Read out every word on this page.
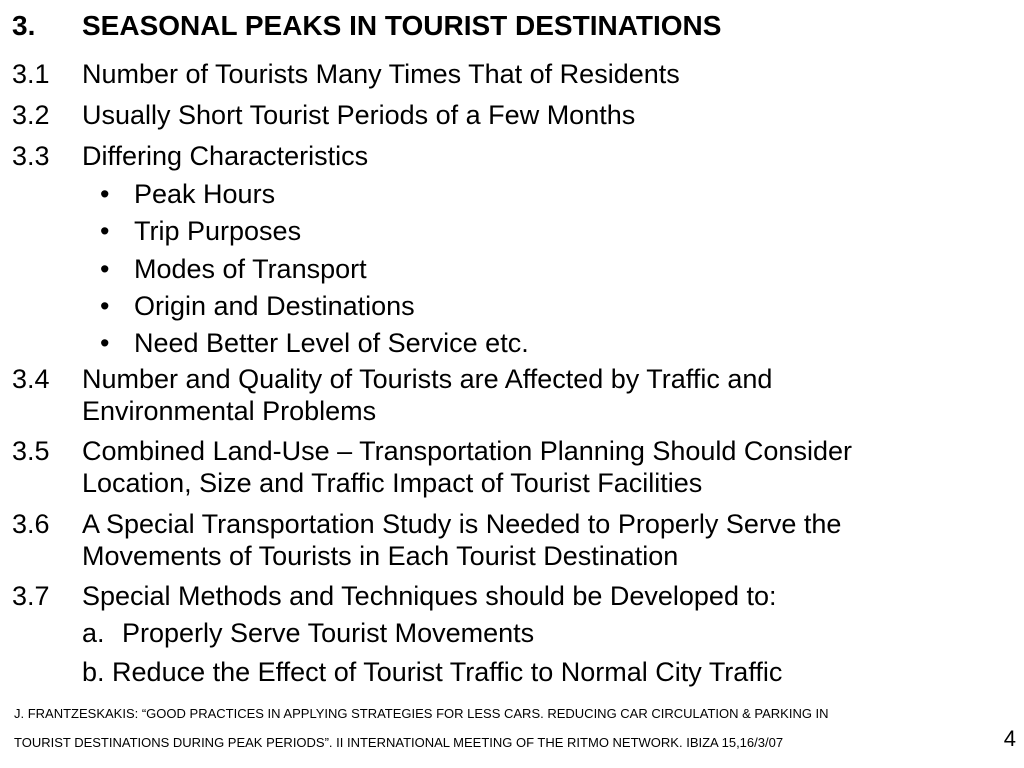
3. SEASONAL PEAKS IN TOURIST DESTINATIONS
3.1 Number of Tourists Many Times That of Residents
3.2 Usually Short Tourist Periods of a Few Months
3.3 Differing Characteristics
• Peak Hours
• Trip Purposes
• Modes of Transport
• Origin and Destinations
• Need Better Level of Service etc.
3.4 Number and Quality of Tourists are Affected by Traffic and
Environmental Problems
3.5 Combined Land-Use – Transportation Planning Should Consider
Location, Size and Traffic Impact of Tourist Facilities
3.6 A Special Transportation Study is Needed to Properly Serve the
Movements of Tourists in Each Tourist Destination
3.7 Special Methods and Techniques should be Developed to:
a. Properly Serve Tourist Movements
b. Reduce the Effect of Tourist Traffic to Normal City Traffic
J. FRANTZESKAKIS: “GOOD PRACTICES IN APPLYING STRATEGIES FOR LESS CARS. REDUCING CAR CIRCULATION & PARKING IN
TOURIST DESTINATIONS DURING PEAK PERIODS”. II INTERNATIONAL MEETING OF THE RITMO NETWORK. IBIZA 15,16/3/07	4
